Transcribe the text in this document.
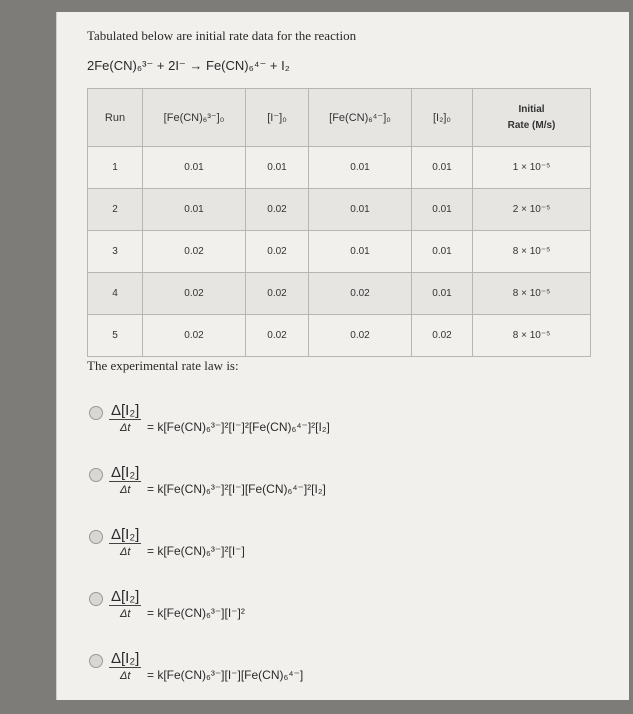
Tabulated below are initial rate data for the reaction
2Fe(CN)₆³⁻ + 2I⁻ → Fe(CN)₆⁴⁻ + I₂
Run	[Fe(CN)₆³⁻]₀	[I⁻]₀	[Fe(CN)₆⁴⁻]₀	[I₂]₀	Initial
Rate (M/s)

1	0.01	0.01	0.01	0.01	1 × 10⁻⁵
2	0.01	0.02	0.01	0.01	2 × 10⁻⁵
3	0.02	0.02	0.01	0.01	8 × 10⁻⁵
4	0.02	0.02	0.02	0.01	8 × 10⁻⁵
5	0.02	0.02	0.02	0.02	8 × 10⁻⁵
The experimental rate law is:
Δ[I₂]
Δt	= k[Fe(CN)₆³⁻]²[I⁻]²[Fe(CN)₆⁴⁻]²[I₂]
Δ[I₂]
Δt	= k[Fe(CN)₆³⁻]²[I⁻][Fe(CN)₆⁴⁻]²[I₂]
Δ[I₂]
Δt	= k[Fe(CN)₆³⁻]²[I⁻]
Δ[I₂]
Δt	= k[Fe(CN)₆³⁻][I⁻]²
Δ[I₂]
Δt	= k[Fe(CN)₆³⁻][I⁻][Fe(CN)₆⁴⁻]
